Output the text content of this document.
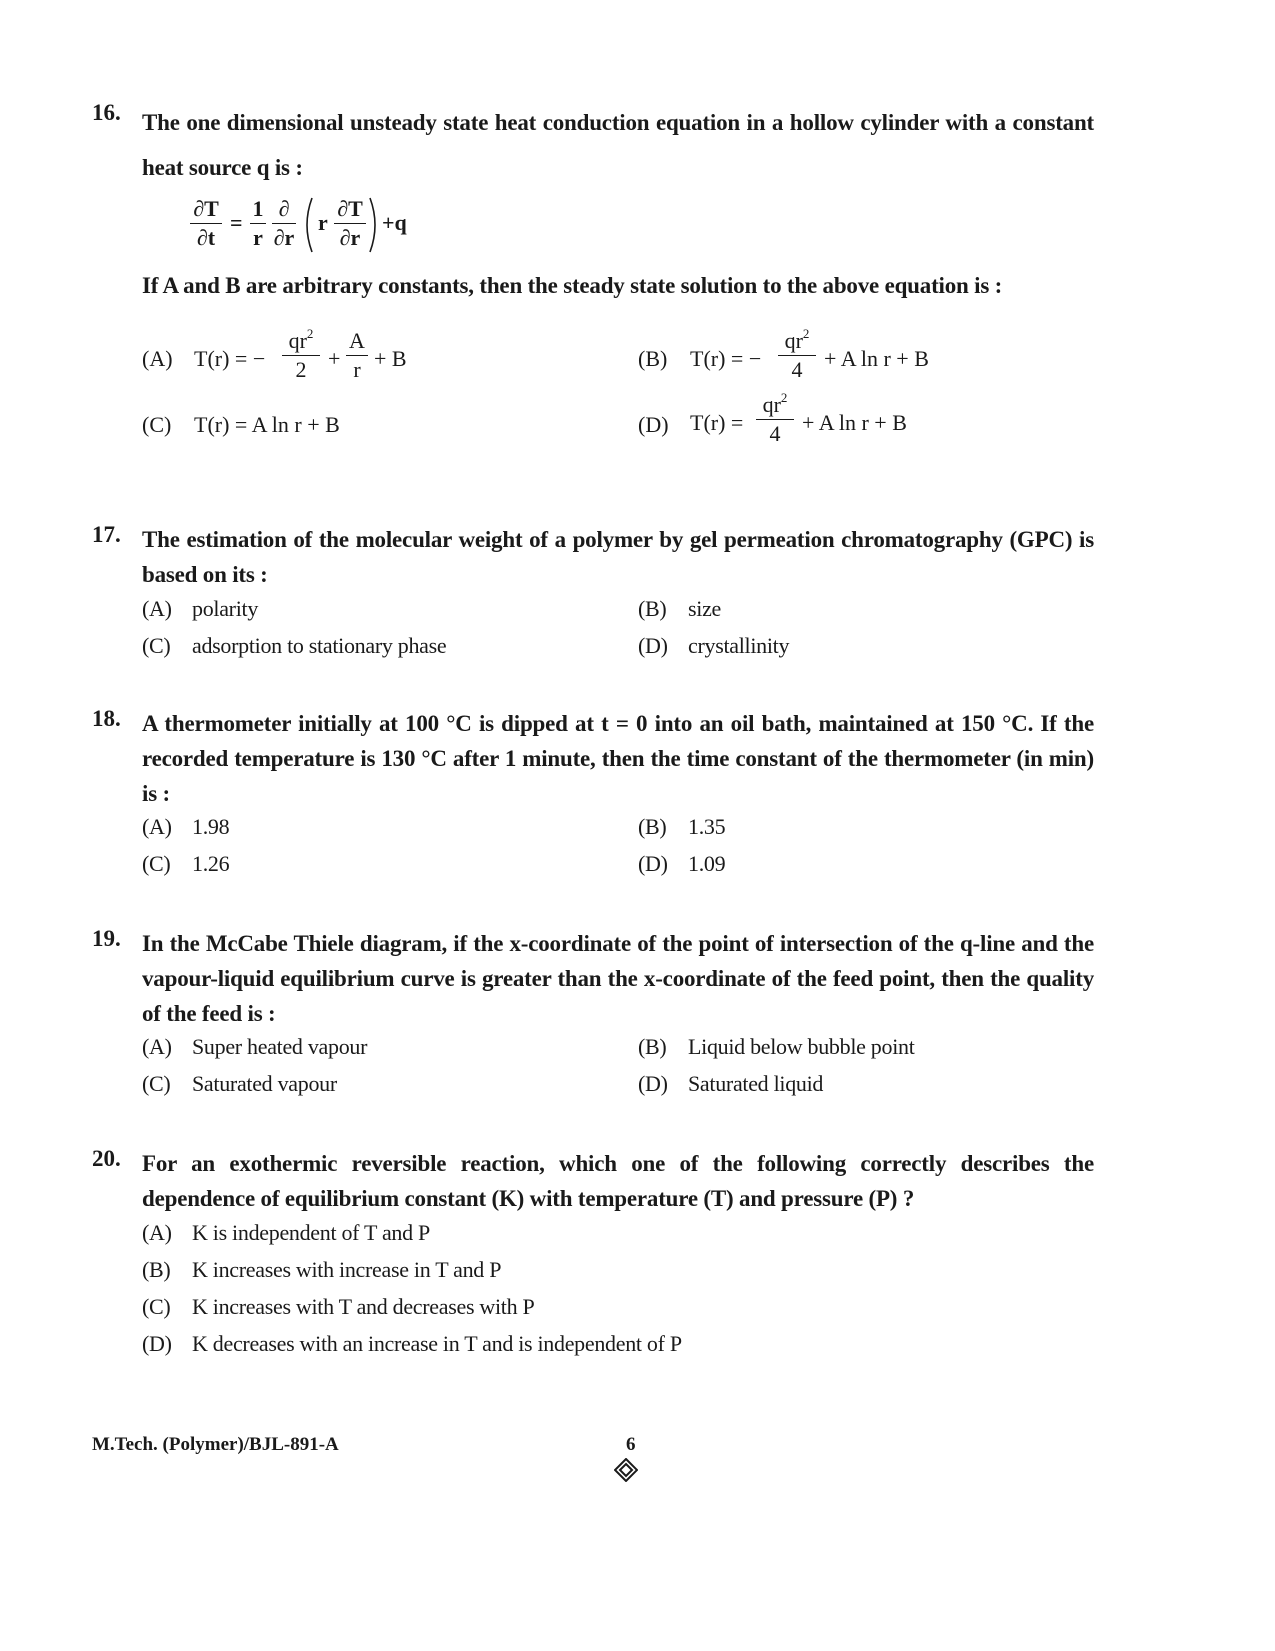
16. The one dimensional unsteady state heat conduction equation in a hollow cylinder with a constant heat source q is :
∂T
∂t
=
1
r
∂
∂r
r
∂T
∂r
+q
If A and B are arbitrary constants, then the steady state solution to the above equation is :
(A) T(r) = −
$qr^2$
2 +
A
r + B	(B) T(r) = −
$qr^2$
4 + A ln r + B
(C) T(r) = A ln r + B	(D) T(r) =
$qr^2$
4 + A ln r + B
17. The estimation of the molecular weight of a polymer by gel permeation chromatography (GPC) is based on its :
(A) polarity	(B) size
(C) adsorption to stationary phase	(D) crystallinity
18. A thermometer initially at 100 °C is dipped at t = 0 into an oil bath, maintained at 150 °C. If the recorded temperature is 130 °C after 1 minute, then the time constant of the thermometer (in min) is :
(A) 1.98	(B) 1.35
(C) 1.26	(D) 1.09
19. In the McCabe Thiele diagram, if the x-coordinate of the point of intersection of the q-line and the vapour-liquid equilibrium curve is greater than the x-coordinate of the feed point, then the quality of the feed is :
(A) Super heated vapour	(B) Liquid below bubble point
(C) Saturated vapour	(D) Saturated liquid
20. For an exothermic reversible reaction, which one of the following correctly describes the dependence of equilibrium constant (K) with temperature (T) and pressure (P) ?
(A) K is independent of T and P
(B) K increases with increase in T and P
(C) K increases with T and decreases with P
(D) K decreases with an increase in T and is independent of P
M.Tech. (Polymer)/BJL-891-A	6
